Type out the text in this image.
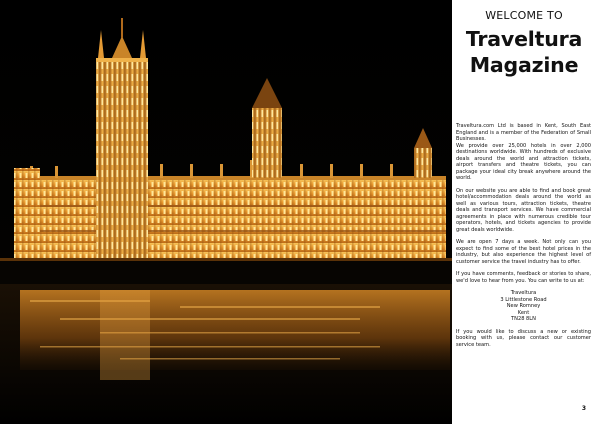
WELCOME TO
Traveltura
Magazine

Traveltura.com Ltd is based in Kent, South East England and is a member of the Federation of Small Businesses.

We provide over 25,000 hotels in over 2,000 destinations worldwide. With hundreds of exclusive deals around the world and attraction tickets, airport transfers and theatre tickets, you can package your ideal city break anywhere around the world.

On our website you are able to find and book great hotel/accommodation deals around the world as well as various tours, attraction tickets, theatre deals and transport services. We have commercial agreements in place with numerous credible tour operators, hotels, and tickets agencies to provide great deals worldwide.

We are open 7 days a week. Not only can you expect to find some of the best hotel prices in the industry, but also experience the highest level of customer service the travel industry has to offer.

If you have comments, feedback or stories to share, we'd love to hear from you. You can write to us at:

Traveltura
3 Littlestone Road
New Romney
Kent
TN28 8LN

If you would like to discuss a new or existing booking with us, please contact our customer service team.

3
